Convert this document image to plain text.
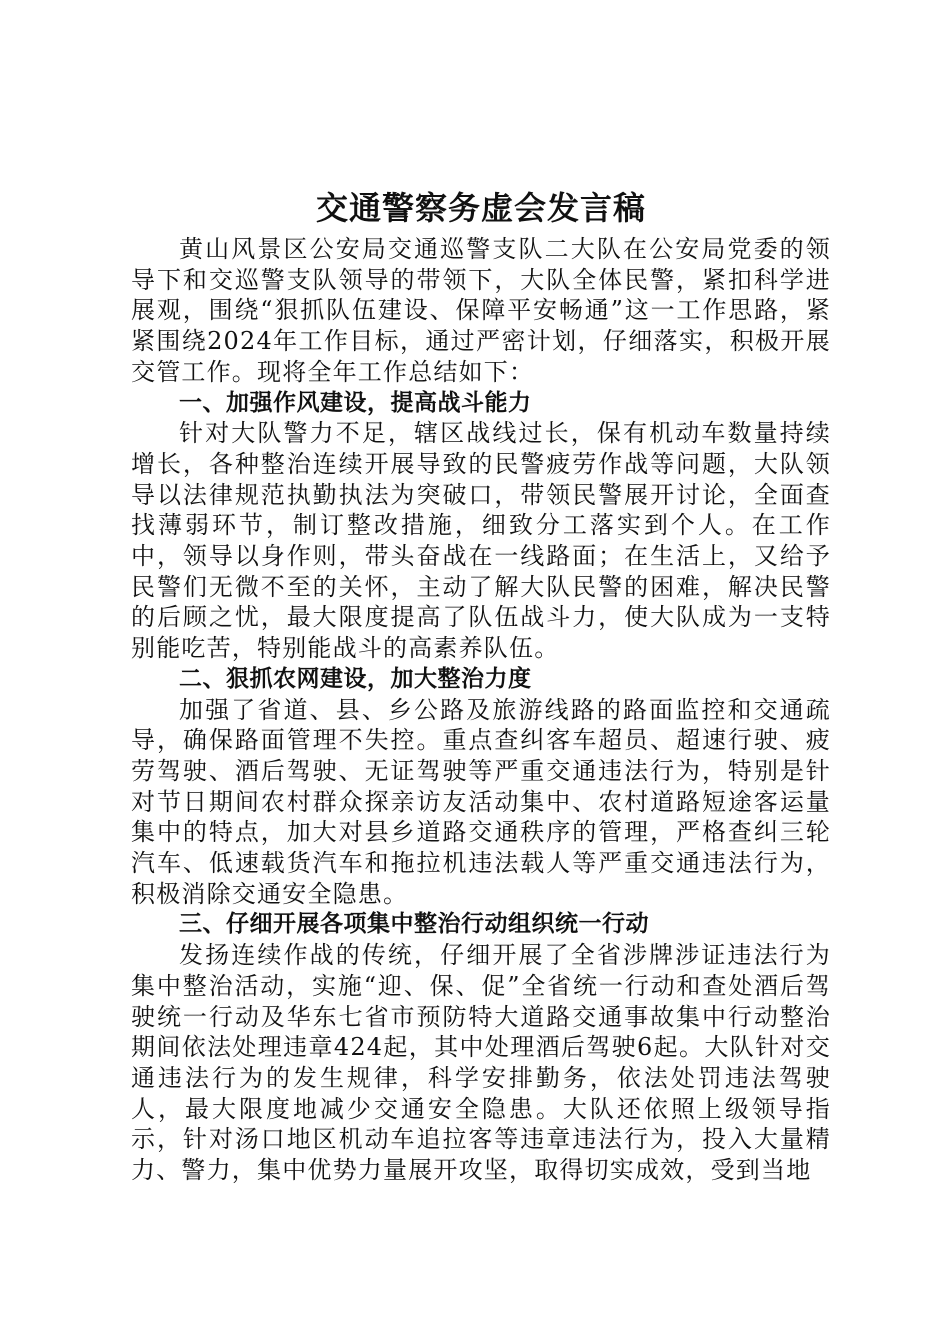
交通警察务虚会发言稿

黄山风景区公安局交通巡警支队二大队在公安局党委的领导下和交巡警支队领导的带领下，大队全体民警，紧扣科学进展观，围绕“狠抓队伍建设、保障平安畅通”这一工作思路，紧紧围绕2024年工作目标，通过严密计划，仔细落实，积极开展交管工作。现将全年工作总结如下：

一、加强作风建设，提高战斗能力

针对大队警力不足，辖区战线过长，保有机动车数量持续增长，各种整治连续开展导致的民警疲劳作战等问题，大队领导以法律规范执勤执法为突破口，带领民警展开讨论，全面查找薄弱环节，制订整改措施，细致分工落实到个人。在工作中，领导以身作则，带头奋战在一线路面；在生活上，又给予民警们无微不至的关怀，主动了解大队民警的困难，解决民警的后顾之忧，最大限度提高了队伍战斗力，使大队成为一支特别能吃苦，特别能战斗的高素养队伍。

二、狠抓农网建设，加大整治力度

加强了省道、县、乡公路及旅游线路的路面监控和交通疏导，确保路面管理不失控。重点查纠客车超员、超速行驶、疲劳驾驶、酒后驾驶、无证驾驶等严重交通违法行为，特别是针对节日期间农村群众探亲访友活动集中、农村道路短途客运量集中的特点，加大对县乡道路交通秩序的管理，严格查纠三轮汽车、低速载货汽车和拖拉机违法载人等严重交通违法行为，积极消除交通安全隐患。

三、仔细开展各项集中整治行动组织统一行动

发扬连续作战的传统，仔细开展了全省涉牌涉证违法行为集中整治活动，实施“迎、保、促”全省统一行动和查处酒后驾驶统一行动及华东七省市预防特大道路交通事故集中行动整治期间依法处理违章424起，其中处理酒后驾驶6起。大队针对交通违法行为的发生规律，科学安排勤务，依法处罚违法驾驶人，最大限度地减少交通安全隐患。大队还依照上级领导指示，针对汤口地区机动车追拉客等违章违法行为，投入大量精力、警力，集中优势力量展开攻坚，取得切实成效，受到当地
